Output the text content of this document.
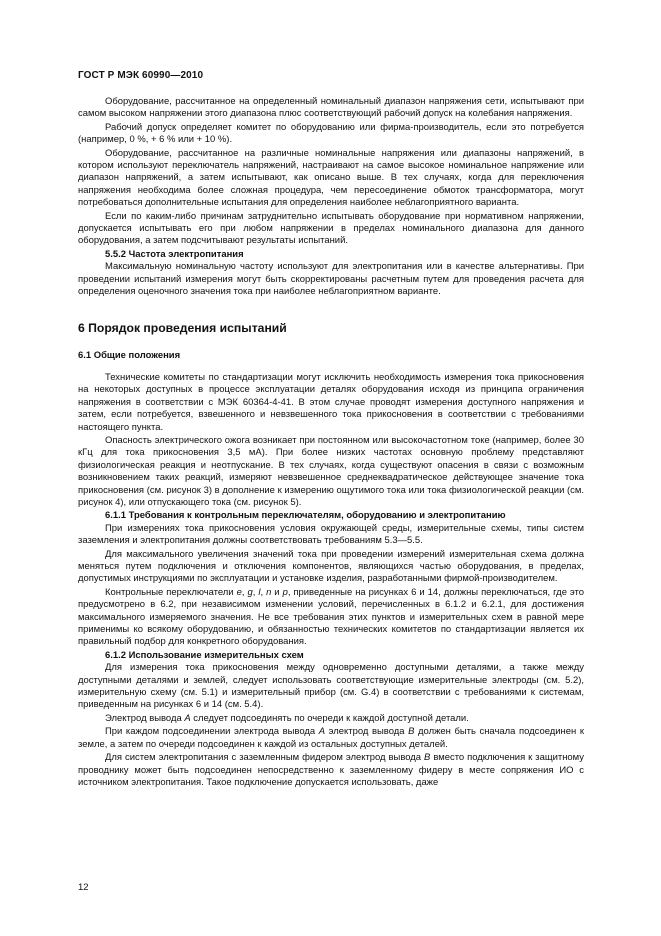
ГОСТ Р МЭК 60990—2010

Оборудование, рассчитанное на определенный номинальный диапазон напряжения сети, испытывают при самом высоком напряжении этого диапазона плюс соответствующий рабочий допуск на колебания напряжения.

Рабочий допуск определяет комитет по оборудованию или фирма-производитель, если это потребуется (например, 0 %, + 6 % или + 10 %).

Оборудование, рассчитанное на различные номинальные напряжения или диапазоны напряжений, в котором используют переключатель напряжений, настраивают на самое высокое номинальное напряжение или диапазон напряжений, а затем испытывают, как описано выше. В тех случаях, когда для переключения напряжения необходима более сложная процедура, чем пересоединение обмоток трансформатора, могут потребоваться дополнительные испытания для определения наиболее неблагоприятного варианта.

Если по каким-либо причинам затруднительно испытывать оборудование при нормативном напряжении, допускается испытывать его при любом напряжении в пределах номинального диапазона для данного оборудования, а затем подсчитывают результаты испытаний.

5.5.2 Частота электропитания

Максимальную номинальную частоту используют для электропитания или в качестве альтернативы. При проведении испытаний измерения могут быть скорректированы расчетным путем для проведения расчета для определения оценочного значения тока при наиболее неблагоприятном варианте.

6 Порядок проведения испытаний
6.1 Общие положения

Технические комитеты по стандартизации могут исключить необходимость измерения тока прикосновения на некоторых доступных в процессе эксплуатации деталях оборудования исходя из принципа ограничения напряжения в соответствии с МЭК 60364-4-41. В этом случае проводят измерения доступного напряжения и затем, если потребуется, взвешенного и невзвешенного тока прикосновения в соответствии с требованиями настоящего пункта.

Опасность электрического ожога возникает при постоянном или высокочастотном токе (например, более 30 кГц для тока прикосновения 3,5 мА). При более низких частотах основную проблему представляют физиологическая реакция и неотпускание. В тех случаях, когда существуют опасения в связи с возможным возникновением таких реакций, измеряют невзвешенное среднеквадратическое действующее значение тока прикосновения (см. рисунок 3) в дополнение к измерению ощутимого тока или тока физиологической реакции (см. рисунок 4), или отпускающего тока (см. рисунок 5).

6.1.1 Требования к контрольным переключателям, оборудованию и электропитанию

При измерениях тока прикосновения условия окружающей среды, измерительные схемы, типы систем заземления и электропитания должны соответствовать требованиям 5.3—5.5.

Для максимального увеличения значений тока при проведении измерений измерительная схема должна меняться путем подключения и отключения компонентов, являющихся частью оборудования, в пределах, допустимых инструкциями по эксплуатации и установке изделия, разработанными фирмой-производителем.

Контрольные переключатели е, g, l, n и p, приведенные на рисунках 6 и 14, должны переключаться, где это предусмотрено в 6.2, при независимом изменении условий, перечисленных в 6.1.2 и 6.2.1, для достижения максимального измеряемого значения. Не все требования этих пунктов и измерительных схем в равной мере применимы ко всякому оборудованию, и обязанностью технических комитетов по стандартизации является их правильный подбор для конкретного оборудования.

6.1.2 Использование измерительных схем

Для измерения тока прикосновения между одновременно доступными деталями, а также между доступными деталями и землей, следует использовать соответствующие измерительные электроды (см. 5.2), измерительную схему (см. 5.1) и измерительный прибор (см. G.4) в соответствии с требованиями к системам, приведенным на рисунках 6 и 14 (см. 5.4).

Электрод вывода А следует подсоединять по очереди к каждой доступной детали.

При каждом подсоединении электрода вывода А электрод вывода В должен быть сначала подсоединен к земле, а затем по очереди подсоединен к каждой из остальных доступных деталей.

Для систем электропитания с заземленным фидером электрод вывода В вместо подключения к защитному проводнику может быть подсоединен непосредственно к заземленному фидеру в месте сопряжения ИО с источником электропитания. Такое подключение допускается использовать, даже

12
